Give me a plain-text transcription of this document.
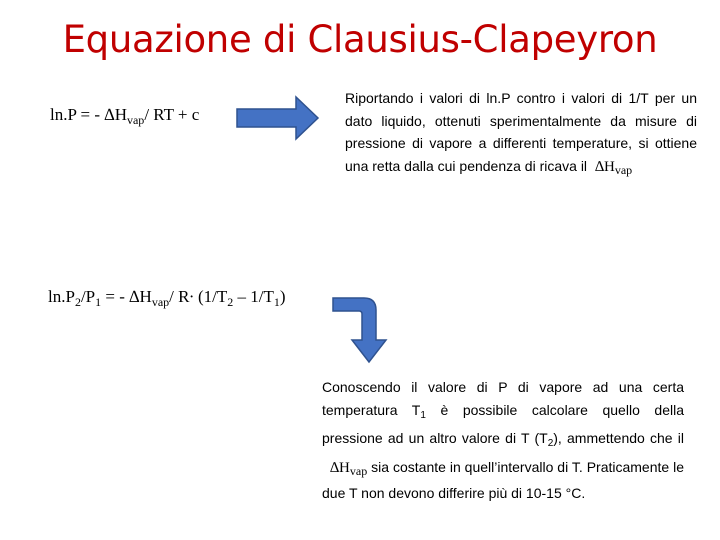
Equazione di Clausius-Clapeyron
ln.P = - $\Delta H_{vap}/$ RT + c
Riportando i valori di ln.P contro i valori di 1/T per un dato liquido, ottenuti sperimentalmente da misure di pressione di vapore a differenti temperature, si ottiene una retta dalla cui pendenza di ricava il $\Delta H_{vap}$
$\ln.P_2/P_1$ = - $\Delta H_{vap}/$ $R\cdot (1/T_2 - 1/T_1)$
Conoscendo il valore di P di vapore ad una certa temperatura $T_1$ è possibile calcolare quello della pressione ad un altro valore di T $(T_2)$, ammettendo che il   $\Delta H_{vap}$ sia costante in quell’intervallo di T. Praticamente le due T non devono differire più di 10-15 °C.
